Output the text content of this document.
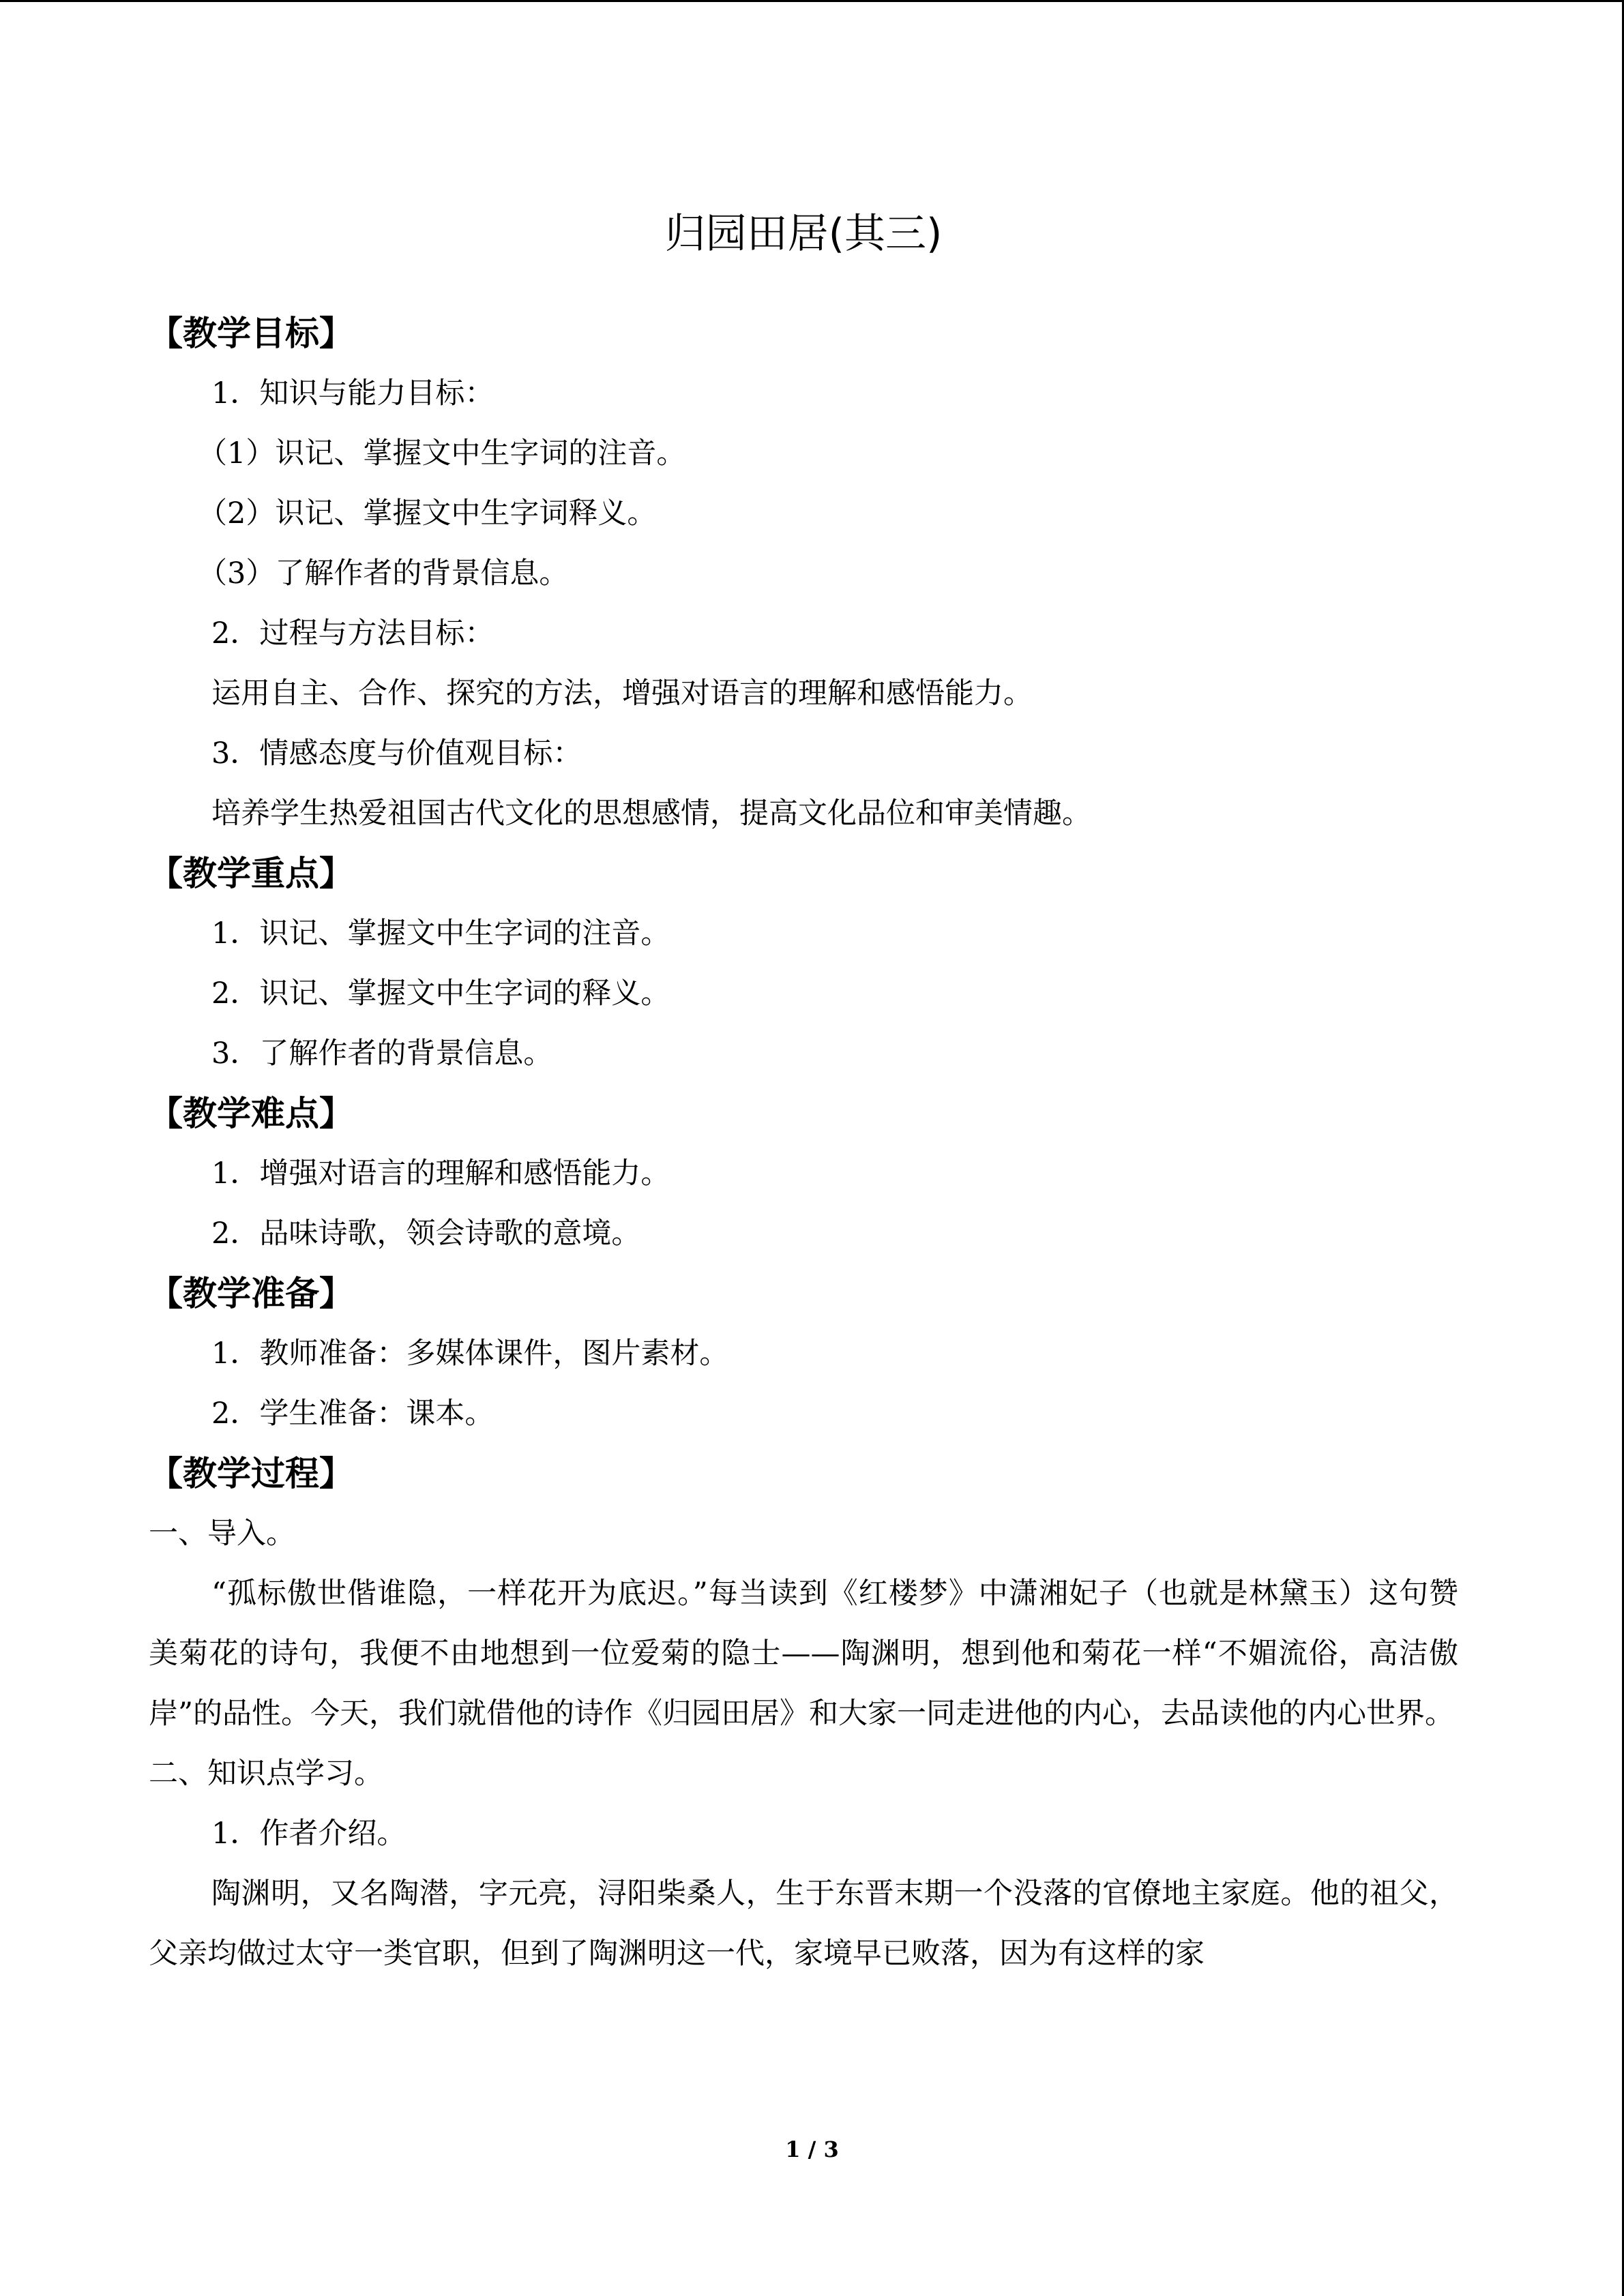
归园田居(其三)
【教学目标】
1．知识与能力目标：
（1）识记、掌握文中生字词的注音。
（2）识记、掌握文中生字词释义。
（3）了解作者的背景信息。
2．过程与方法目标：
运用自主、合作、探究的方法，增强对语言的理解和感悟能力。
3．情感态度与价值观目标：
培养学生热爱祖国古代文化的思想感情，提高文化品位和审美情趣。
【教学重点】
1．识记、掌握文中生字词的注音。
2．识记、掌握文中生字词的释义。
3．了解作者的背景信息。
【教学难点】
1．增强对语言的理解和感悟能力。
2．品味诗歌，领会诗歌的意境。
【教学准备】
1．教师准备：多媒体课件，图片素材。
2．学生准备：课本。
【教学过程】
一、导入。
“孤标傲世偕谁隐，一样花开为底迟。”每当读到《红楼梦》中潇湘妃子（也就是林黛玉）这句赞美菊花的诗句，我便不由地想到一位爱菊的隐士——陶渊明，想到他和菊花一样“不媚流俗，高洁傲岸”的品性。今天，我们就借他的诗作《归园田居》和大家一同走进他的内心，去品读他的内心世界。
二、知识点学习。
1．作者介绍。
陶渊明，又名陶潜，字元亮，浔阳柴桑人，生于东晋末期一个没落的官僚地主家庭。他的祖父，父亲均做过太守一类官职，但到了陶渊明这一代，家境早已败落，因为有这样的家
1 / 3
